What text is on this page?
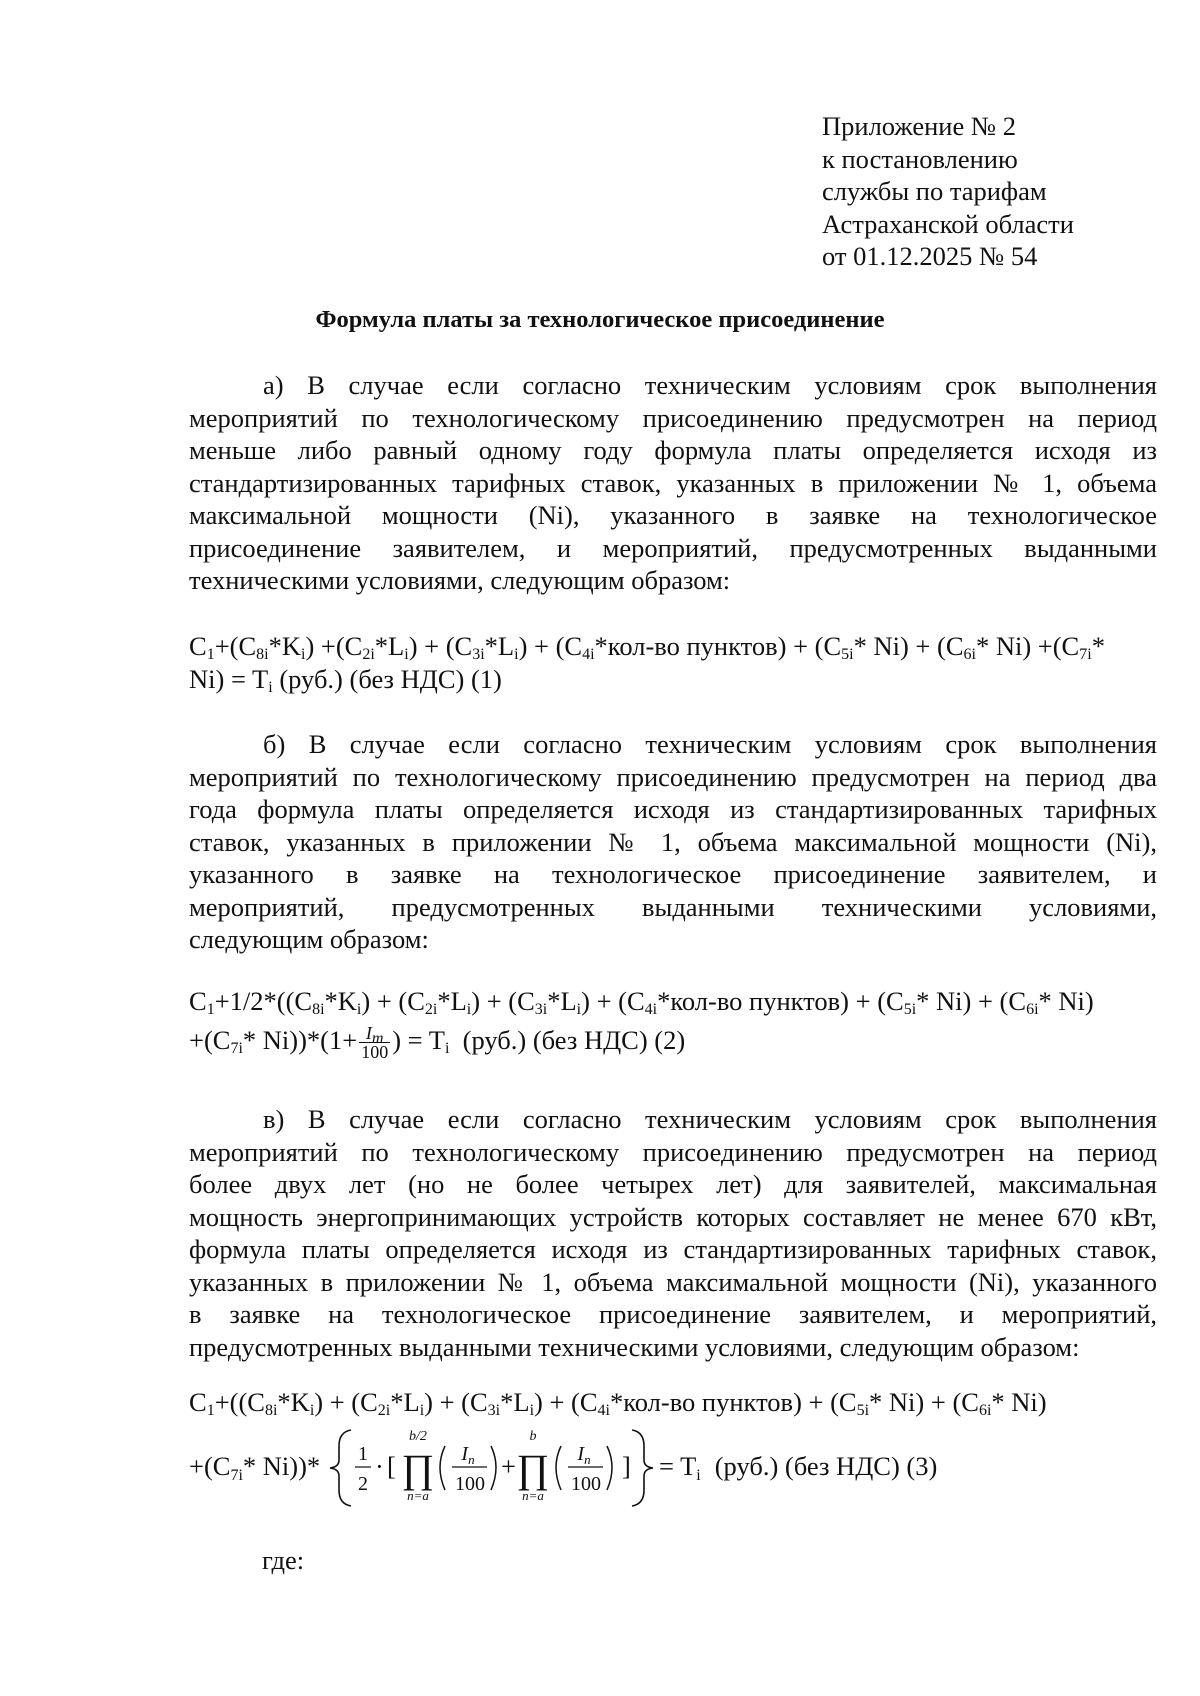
Приложение № 2
к постановлению
службы по тарифам
Астраханской области
от 01.12.2025 № 54
Формула платы за технологическое присоединение
а) В случае если согласно техническим условиям срок выполнения
мероприятий по технологическому присоединению предусмотрен на период
меньше либо равный одному году формула платы определяется исходя из
стандартизированных тарифных ставок, указанных в приложении № 1, объема
максимальной мощности (Ni), указанного в заявке на технологическое
присоединение заявителем, и мероприятий, предусмотренных выданными
техническими условиями, следующим образом:
$C_1+(C_{8i}*K_i) +(C_{2i}*L_i) + (C_{3i}*L_i) + (C_{4i}*кол-во$ пунктов) + ($C_{5i}*$ $Ni) + (C_{6i}*$ $Ni) +(C_{7i}*$
$Ni) = T_i$ (руб.) (без НДС) (1)
б) В случае если согласно техническим условиям срок выполнения
мероприятий по технологическому присоединению предусмотрен на период два
года формула платы определяется исходя из стандартизированных тарифных
ставок, указанных в приложении № 1, объема максимальной мощности (Ni),
указанного в заявке на технологическое присоединение заявителем, и
мероприятий, предусмотренных выданными техническими условиями,
следующим образом:
$C_1+1/2*((C_{8i}*K_i) + (C_{2i}*L_i) + (C_{3i}*L_i) + (C_{4i}*кол-во$ пунктов) + ($C_{5i}*$ $Ni) + (C_{6i}*$ Ni)
$+(C_{7i}*$ $Ni))*(1+ \frac{I_m}{100}$ ) = $T_i$  (руб.) (без НДС) (2)
в) В случае если согласно техническим условиям срок выполнения
мероприятий по технологическому присоединению предусмотрен на период
более двух лет (но не более четырех лет) для заявителей, максимальная
мощность энергопринимающих устройств которых составляет не менее 670 кВт,
формула платы определяется исходя из стандартизированных тарифных ставок,
указанных в приложении № 1, объема максимальной мощности (Ni), указанного
в заявке на технологическое присоединение заявителем, и мероприятий,
предусмотренных выданными техническими условиями, следующим образом:
$C_1+((C_{8i}*K_i) + (C_{2i}*L_i) + (C_{3i}*L_i) + (C_{4i}*кол-во$ пунктов) + ($C_{5i}*$ $Ni) + (C_{6i}*$ Ni)
+(C7i* Ni))* 1
2
· [
b/2
∏
n=a
$I_n$
100
+
b
∏
n=a
$I_n$
100
] = Ti (руб.) (без НДС) (3)
где:
